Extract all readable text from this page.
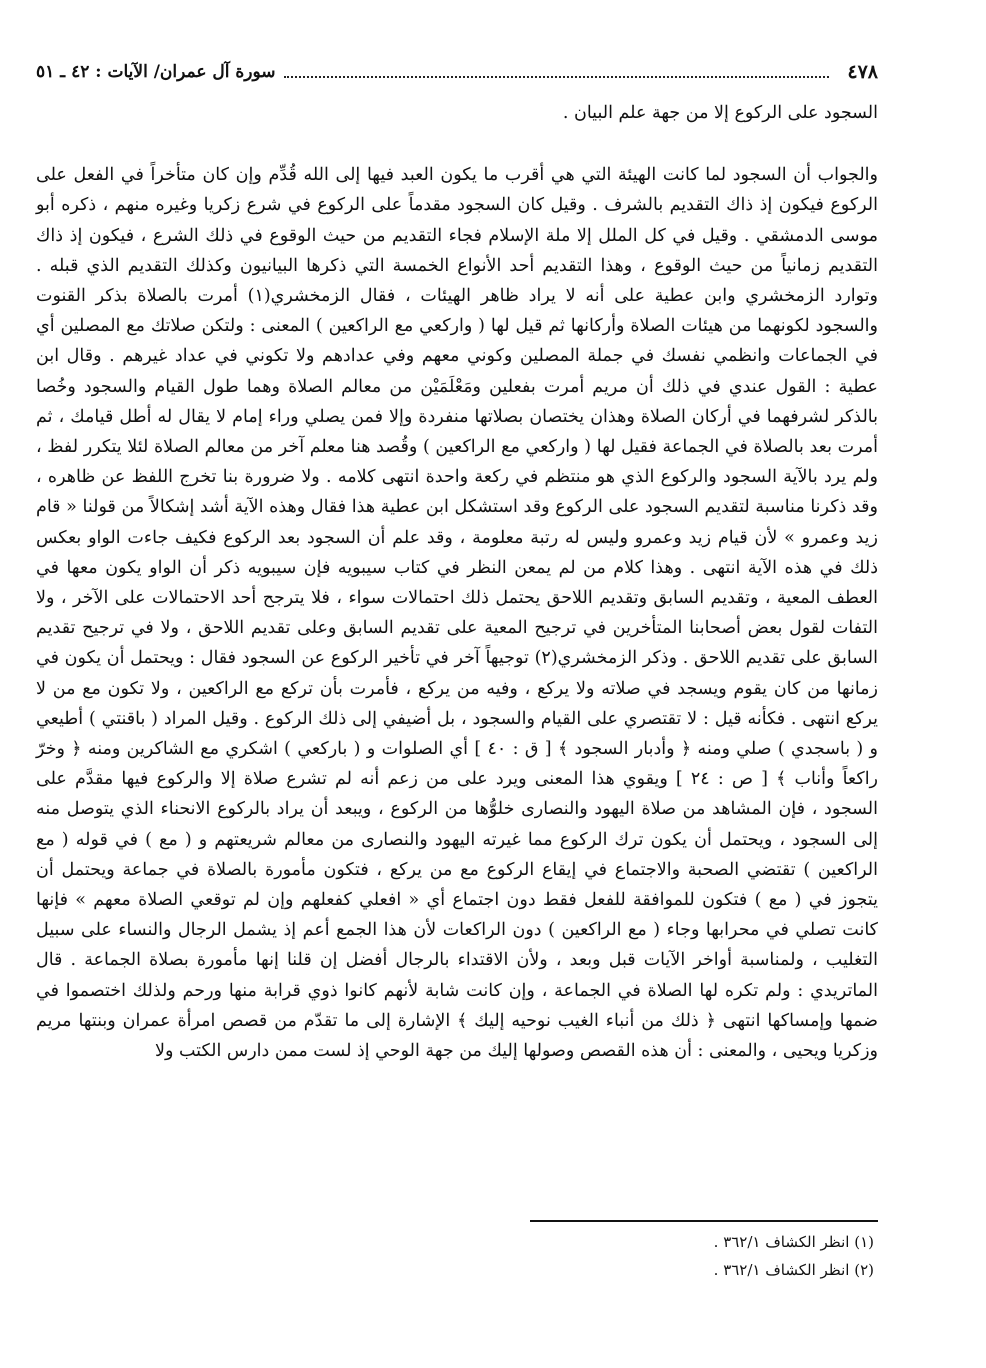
٤٧٨
سورة آل عمران/ الآيات : ٤٢ ـ ٥١

السجود على الركوع إلا من جهة علم البيان .

والجواب أن السجود لما كانت الهيئة التي هي أقرب ما يكون العبد فيها إلى الله قُدِّم وإن كان متأخراً في الفعل على الركوع فيكون إذ ذاك التقديم بالشرف . وقيل كان السجود مقدماً على الركوع في شرع زكريا وغيره منهم ، ذكره أبو موسى الدمشقي . وقيل في كل الملل إلا ملة الإسلام فجاء التقديم من حيث الوقوع في ذلك الشرع ، فيكون إذ ذاك التقديم زمانياً من حيث الوقوع ، وهذا التقديم أحد الأنواع الخمسة التي ذكرها البيانيون وكذلك التقديم الذي قبله . وتوارد الزمخشري وابن عطية على أنه لا يراد ظاهر الهيئات ، فقال الزمخشري(١) أمرت بالصلاة بذكر القنوت والسجود لكونهما من هيئات الصلاة وأركانها ثم قيل لها ( واركعي مع الراكعين ) المعنى : ولتكن صلاتك مع المصلين أي في الجماعات وانظمي نفسك في جملة المصلين وكوني معهم وفي عدادهم ولا تكوني في عداد غيرهم . وقال ابن عطية : القول عندي في ذلك أن مريم أمرت بفعلين ومَعْلَمَيْن من معالم الصلاة وهما طول القيام والسجود وخُصا بالذكر لشرفهما في أركان الصلاة وهذان يختصان بصلاتها منفردة وإلا فمن يصلي وراء إمام لا يقال له أطل قيامك ، ثم أمرت بعد بالصلاة في الجماعة فقيل لها ( واركعي مع الراكعين ) وقُصد هنا معلم آخر من معالم الصلاة لئلا يتكرر لفظ ، ولم يرد بالآية السجود والركوع الذي هو منتظم في ركعة واحدة انتهى كلامه . ولا ضرورة بنا تخرج اللفظ عن ظاهره ، وقد ذكرنا مناسبة لتقديم السجود على الركوع وقد استشكل ابن عطية هذا فقال وهذه الآية أشد إشكالاً من قولنا « قام زيد وعمرو » لأن قيام زيد وعمرو وليس له رتبة معلومة ، وقد علم أن السجود بعد الركوع فكيف جاءت الواو بعكس ذلك في هذه الآية انتهى . وهذا كلام من لم يمعن النظر في كتاب سيبويه فإن سيبويه ذكر أن الواو يكون معها في العطف المعية ، وتقديم السابق وتقديم اللاحق يحتمل ذلك احتمالات سواء ، فلا يترجح أحد الاحتمالات على الآخر ، ولا التفات لقول بعض أصحابنا المتأخرين في ترجيح المعية على تقديم السابق وعلى تقديم اللاحق ، ولا في ترجيح تقديم السابق على تقديم اللاحق . وذكر الزمخشري(٢) توجيهاً آخر في تأخير الركوع عن السجود فقال : ويحتمل أن يكون في زمانها من كان يقوم ويسجد في صلاته ولا يركع ، وفيه من يركع ، فأمرت بأن تركع مع الراكعين ، ولا تكون مع من لا يركع انتهى . فكأنه قيل : لا تقتصري على القيام والسجود ، بل أضيفي إلى ذلك الركوع . وقيل المراد ( باقنتي ) أطيعي و ( باسجدي ) صلي ومنه ﴿ وأدبار السجود ﴾ [ ق : ٤٠ ] أي الصلوات و ( باركعي ) اشكري مع الشاكرين ومنه ﴿ وخرّ راكعاً وأناب ﴾ [ ص : ٢٤ ] ويقوي هذا المعنى ويرد على من زعم أنه لم تشرع صلاة إلا والركوع فيها مقدَّم على السجود ، فإن المشاهد من صلاة اليهود والنصارى خلوُّها من الركوع ، ويبعد أن يراد بالركوع الانحناء الذي يتوصل منه إلى السجود ، ويحتمل أن يكون ترك الركوع مما غيرته اليهود والنصارى من معالم شريعتهم و ( مع ) في قوله ( مع الراكعين ) تقتضي الصحبة والاجتماع في إيقاع الركوع مع من يركع ، فتكون مأمورة بالصلاة في جماعة ويحتمل أن يتجوز في ( مع ) فتكون للموافقة للفعل فقط دون اجتماع أي « افعلي كفعلهم وإن لم توقعي الصلاة معهم » فإنها كانت تصلي في محرابها وجاء ( مع الراكعين ) دون الراكعات لأن هذا الجمع أعم إذ يشمل الرجال والنساء على سبيل التغليب ، ولمناسبة أواخر الآيات قبل وبعد ، ولأن الاقتداء بالرجال أفضل إن قلنا إنها مأمورة بصلاة الجماعة . قال الماتريدي : ولم تكره لها الصلاة في الجماعة ، وإن كانت شابة لأنهم كانوا ذوي قرابة منها ورحم ولذلك اختصموا في ضمها وإمساكها انتهى ﴿ ذلك من أنباء الغيب نوحيه إليك ﴾ الإشارة إلى ما تقدّم من قصص امرأة عمران وبنتها مريم وزكريا ويحيى ، والمعنى : أن هذه القصص وصولها إليك من جهة الوحي إذ لست ممن دارس الكتب ولا

(١) انظر الكشاف ٣٦٢/١ .
(٢) انظر الكشاف ٣٦٢/١ .
